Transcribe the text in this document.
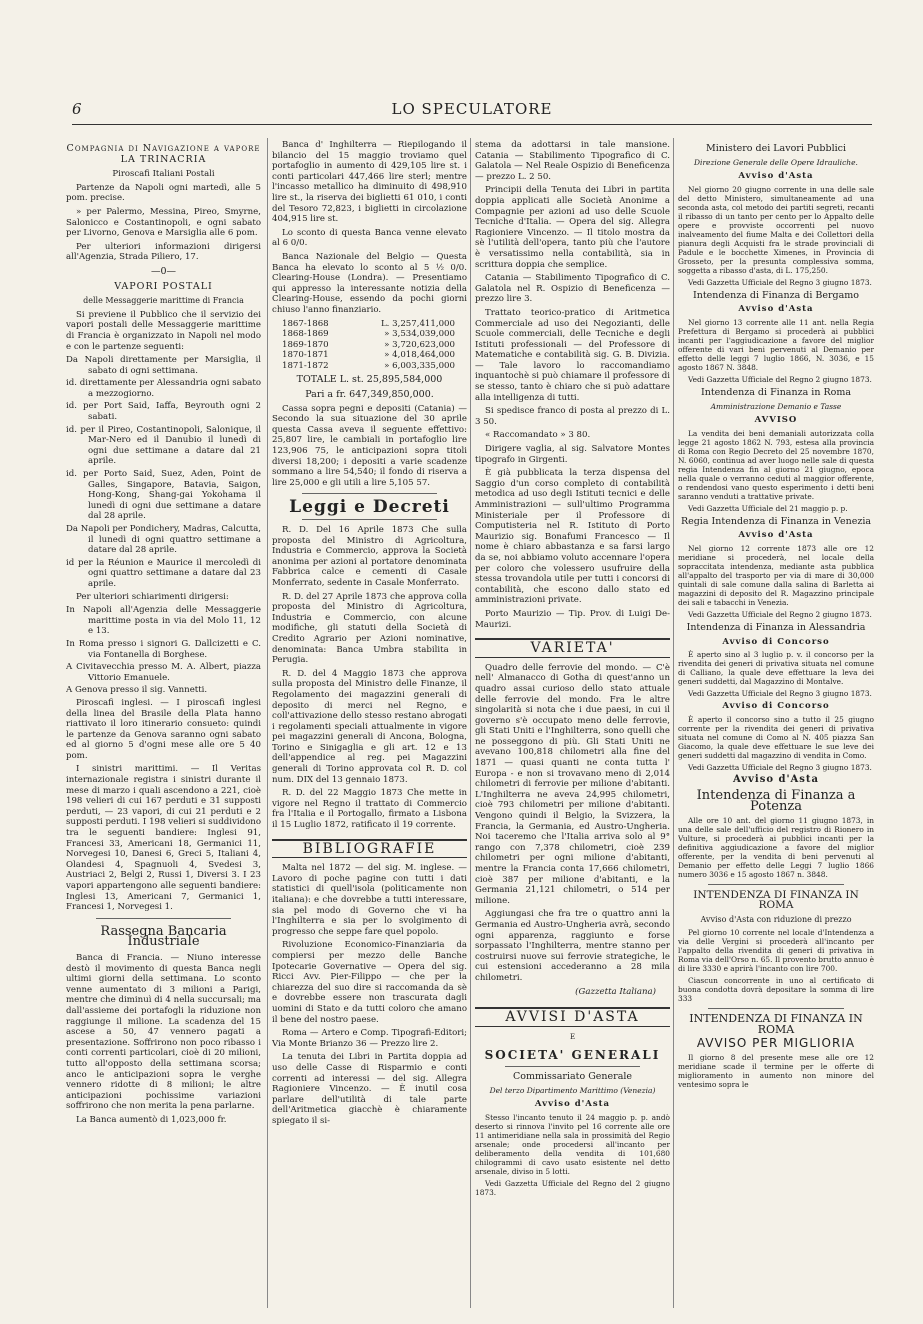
6	LO SPECULATORE
Compagnia di Navigazione a vapore LA TRINACRIA
Piroscafi Italiani Postali

Partenze da Napoli ogni martedì, alle 5 pom. precise.

» per Palermo, Messina, Pireo, Smyrne, Salonicco e Costantinopoli, e ogni sabato per Livorno, Genova e Marsiglia alle 6 pom.

Per ulteriori informazioni dirigersi all'Agenzia, Strada Piliero, 17.

—0—
VAPORI POSTALI
delle Messaggerie marittime di Francia

Si previene il Pubblico che il servizio dei vapori postali delle Messaggerie marittime di Francia è organizzato in Napoli nel modo e con le partenze seguenti:

Da Napoli direttamente per Marsiglia, il sabato di ogni settimana.
id. direttamente per Alessandria ogni sabato a mezzogiorno.
id. per Port Said, Iaffa, Beyrouth ogni 2 sabati.
id. per il Pireo, Costantinopoli, Salonique, il Mar-Nero ed il Danubio il lunedì di ogni due settimane a datare dal 21 aprile.
id. per Porto Said, Suez, Aden, Point de Galles, Singapore, Batavia, Saigon, Hong-Kong, Shang-gai Yokohama il lunedì di ogni due settimane a datare dal 28 aprile.
Da Napoli per Pondichery, Madras, Calcutta, il lunedì di ogni quattro settimane a datare dal 28 aprile.
id per la Réunion e Maurice il mercoledì di ogni quattro settimane a datare dal 23 aprile.

Per ulteriori schiarimenti dirigersi:

In Napoli all'Agenzia delle Messaggerie marittime posta in via del Molo 11, 12 e 13.
In Roma presso i signori G. Dallcizetti e C. via Fontanella di Borghese.
A Civitavecchia presso M. A. Albert, piazza Vittorio Emanuele.
A Genova presso il sig. Vannetti.

Piroscafi inglesi. — I piroscafi inglesi della linea del Brasile della Plata hanno riattivato il loro itinerario consueto: quindi le partenze da Genova saranno ogni sabato ed al giorno 5 d'ogni mese alle ore 5 40 pom.

I sinistri marittimi. — Il Veritas internazionale registra i sinistri durante il mese di marzo i quali ascendono a 221, cioè 198 velieri di cui 167 perduti e 31 supposti perduti, — 23 vapori, di cui 21 perduti e 2 supposti perduti. I 198 velieri si suddividono tra le seguenti bandiere: Inglesi 91, Francesi 33, Americani 18, Germanici 11, Norvegesi 10, Danesi 6, Greci 5, Italiani 4, Olandesi 4, Spagnuoli 4, Svedesi 3, Austriaci 2, Belgi 2, Russi 1, Diversi 3. I 23 vapori appartengono alle seguenti bandiere: Inglesi 13, Americani 7, Germanici 1, Francesi 1, Norvegesi 1.

Rassegna Bancaria Industriale

Banca di Francia. — Niuno interesse destò il movimento di questa Banca negli ultimi giorni della settimana. Lo sconto venne aumentato di 3 milioni a Parigi, mentre che diminuì di 4 nella succursali; ma dall'assieme dei portafogli la riduzione non raggiunge il milione. La scadenza del 15 ascese a 50, 47 vennero pagati a presentazione. Soffrirono non poco ribasso i conti correnti particolari, cioè di 20 milioni, tutto all'opposto della settimana scorsa; anco le anticipazioni sopra le verghe vennero ridotte di 8 milioni; le altre anticipazioni pochissime variazioni soffrirono che non merita la pena parlarne.

La Banca aumentò di 1,023,000 fr.

Banca d' Inghilterra — Riepilogando il bilancio del 15 maggio troviamo quel portafoglio in aumento di 429,105 lire st. i conti particolari 447,466 lire sterl; mentre l'incasso metallico ha diminuito di 498,910 lire st., la riserva dei biglietti 61 010, i conti del Tesoro 72,823, i biglietti in circolazione 404,915 lire st.

Lo sconto di questa Banca venne elevato al 6 0/0.

Banca Nazionale del Belgio — Questa Banca ha elevato lo sconto al 5 ½ 0/0. Clearing-House (Londra). — Presentiamo qui appresso la interessante notizia della Clearing-House, essendo da pochi giorni chiuso l'anno finanziario.

1867-1868	L. 3,257,411,000
1868-1869	» 3,534,039,000
1869-1870	» 3,720,623,000
1870-1871	» 4,018,464,000
1871-1872	» 6,003,335,000
TOTALE L. st. 25,895,584,000
Pari a fr. 647,349,850,000.

Cassa sopra pegni e depositi (Catania) — Secondo la sua situazione del 30 aprile questa Cassa aveva il seguente effettivo: 25,807 lire, le cambiali in portafoglio lire 123,906 75, le anticipazioni sopra titoli diversi 18,200; i depositi a varie scadenze sommano a lire 54,540; il fondo di riserva a lire 25,000 e gli utili a lire 5,105 57.

Leggi e Decreti

R. D. Del 16 Aprile 1873 Che sulla proposta del Ministro di Agricoltura, Industria e Commercio, approva la Società anonima per azioni al portatore denominata Fabbrica calce e cementi di Casale Monferrato, sedente in Casale Monferrato.

R. D. del 27 Aprile 1873 che approva colla proposta del Ministro di Agricoltura, Industria e Commercio, con alcune modifiche, gli statuti della Società di Credito Agrario per Azioni nominative, denominata: Banca Umbra stabilita in Perugia.

R. D. del 4 Maggio 1873 che approva sulla proposta del Ministro delle Finanze, il Regolamento dei magazzini generali di deposito di merci nel Regno, e coll'attivazione dello stesso restano abrogati i regolamenti speciali attualmente in vigore pei magazzini generali di Ancona, Bologna, Torino e Sinigaglia e gli art. 12 e 13 dell'appendice al reg. pei Magazzini generali di Torino approvata col R. D. col num. DIX del 13 gennaio 1873.

R. D. del 22 Maggio 1873 Che mette in vigore nel Regno il trattato di Commercio fra l'Italia e il Portogallo, firmato a Lisbona il 15 Luglio 1872, ratificato il 19 corrente.

BIBLIOGRAFIE

Malta nel 1872 — del sig. M. inglese. — Lavoro di poche pagine con tutti i dati statistici di quell'isola (politicamente non italiana): e che dovrebbe a tutti interessare, sia pel modo di Governo che vi ha l'Inghilterra e sia per lo svolgimento di progresso che seppe fare quel popolo.

Rivoluzione Economico-Finanziaria da compiersi per mezzo delle Banche Ipotecarie Governative — Opera del sig. Ricci Avv. Pier-Filippo — che per la chiarezza del suo dire si raccomanda da sè e dovrebbe essere non trascurata dagli uomini di Stato e da tutti coloro che amano il bene del nostro paese.

Roma — Artero e Comp. Tipografi-Editori; Via Monte Brianzo 36 — Prezzo lire 2.

La tenuta dei Libri in Partita doppia ad uso delle Casse di Risparmio e conti correnti ad interessi — del sig. Allegra Ragioniere Vincenzo. — È inutil cosa parlare dell'utilità di tale parte dell'Aritmetica giacchè è chiaramente spiegato il si-

stema da adottarsi in tale mansione. Catania — Stabilimento Tipografico di C. Galatola — Nel Reale Ospizio di Beneficenza — prezzo L. 2 50.

Principii della Tenuta dei Libri in partita doppia applicati alle Società Anonime a Compagnie per azioni ad uso delle Scuole Tecniche d'Italia. — Opera del sig. Allegra Ragioniere Vincenzo. — Il titolo mostra da sè l'utilità dell'opera, tanto più che l'autore è versatissimo nella contabilità, sia in scrittura doppia che semplice.

Catania — Stabilimento Tipografico di C. Galatola nel R. Ospizio di Beneficenza — prezzo lire 3.

Trattato teorico-pratico di Aritmetica Commerciale ad uso dei Negozianti, delle Scuole commerciali, delle Tecniche e degli Istituti professionali — del Professore di Matematiche e contabilità sig. G. B. Divizia. — Tale lavoro lo raccomandiamo inquantochè si può chiamare il professore di se stesso, tanto è chiaro che si può adattare alla intelligenza di tutti.

Si spedisce franco di posta al prezzo di L. 3 50.

« Raccomandato » 3 80.

Dirigere vaglia, al sig. Salvatore Montes tipografo in Girgenti.

È già pubblicata la terza dispensa del Saggio d'un corso completo di contabilità metodica ad uso degli Istituti tecnici e delle Amministrazioni — sull'ultimo Programma Ministeriale per il Professore di Computisteria nel R. Istituto di Porto Maurizio sig. Bonafumi Francesco — Il nome è chiaro abbastanza e sa farsi largo da se, noi abbiamo voluto accennare l'opera per coloro che volessero usufruire della stessa trovandola utile per tutti i concorsi di contabilità, che escono dallo stato ed amministrazioni private.

Porto Maurizio — Tip. Prov. di Luigi De-Maurizi.

VARIETA'

Quadro delle ferrovie del mondo. — C'è nell' Almanacco di Gotha di quest'anno un quadro assai curioso dello stato attuale delle ferrovie del mondo. Fra le altre singolarità si nota che i due paesi, in cui il governo s'è occupato meno delle ferrovie, gli Stati Uniti e l'Inghilterra, sono quelli che ne posseggono di più. Gli Stati Uniti ne avevano 100,818 chilometri alla fine del 1871 — quasi quanti ne conta tutta l' Europa - e non si trovavano meno di 2,014 chilometri di ferrovie per milione d'abitanti. L'Inghilterra ne aveva 24,995 chilometri, cioè 793 chilometri per milione d'abitanti. Vengono quindi il Belgio, la Svizzera, la Francia, la Germania, ed Austro-Ungheria. Noi taceremo che l'Italia arriva solo al 9° rango con 7,378 chilometri, cioè 239 chilometri per ogni milione d'abitanti, mentre la Francia conta 17,666 chilometri, cioè 387 per milione d'abitanti, e la Germania 21,121 chilometri, o 514 per milione.

Aggiungasi che fra tre o quattro anni la Germania ed Austro-Ungheria avrà, secondo ogni apparenza, raggiunto e forse sorpassato l'Inghilterra, mentre stanno per costruirsi nuove sui ferrovie strategiche, le cui estensioni accederanno a 28 mila chilometri.

(Gazzetta Italiana)
AVVISI D'ASTA
E
SOCIETA' GENERALI
Commissariato Generale
Del terzo Dipartimento Marittimo (Venezia)
Avviso d'Asta

Stesso l'incanto tenuto il 24 maggio p. p. andò deserto si rinnova l'invito pel 16 corrente alle ore 11 antimeridiane nella sala in prossimità del Regio arsenale; onde procedersi all'incanto per deliberamento della vendita di 101,680 chilogrammi di cavo usato esistente nel detto arsenale, diviso in 5 lotti.

Vedi Gazzetta Ufficiale del Regno del 2 giugno 1873.

Ministero dei Lavori Pubblici
Direzione Generale delle Opere Idrauliche.
Avviso d'Asta

Nel giorno 20 giugno corrente in una delle sale del detto Ministero, simultaneamente ad una seconda asta, col metodo dei partiti segreti, recanti il ribasso di un tanto per cento per lo Appalto delle opere e provviste occorrenti pel nuovo inalveamento del fiume Malta e dei Collettori della pianura degli Acquisti fra le strade provinciali di Padule e le bocchette Ximenes, in Provincia di Grosseto, per la presunta complessiva somma, soggetta a ribasso d'asta, di L. 175,250.

Vedi Gazzetta Ufficiale del Regno 3 giugno 1873.

Intendenza di Finanza di Bergamo
Avviso d'Asta

Nel giorno 13 corrente alle 11 ant. nella Regia Prefettura di Bergamo si procederà ai pubblici incanti per l'aggiudicazione a favore del miglior offerente di vari beni pervenuti al Demanio per effetto delle leggi 7 luglio 1866, N. 3036, e 15 agosto 1867 N. 3848.

Vedi Gazzetta Ufficiale del Regno 2 giugno 1873.

Intendenza di Finanza in Roma
Amministrazione Demanio e Tasse
AVVISO

La vendita dei beni demaniali autorizzata colla legge 21 agosto 1862 N. 793, estesa alla provincia di Roma con Regio Decreto del 25 novembre 1870, N. 6060, continua ad aver luogo nelle sale di questa regia Intendenza fin al giorno 21 giugno, epoca nella quale o verranno ceduti al maggior offerente, o rendendosi vano questo esperimento i detti beni saranno venduti a trattative private.

Vedi Gazzetta Ufficiale del 21 maggio p. p.

Regia Intendenza di Finanza in Venezia
Avviso d'Asta

Nel giorno 12 corrente 1873 alle ore 12 meridiane si procederà, nel locale della sopraccitata intendenza, mediante asta pubblica all'appalto del trasporto per via di mare di 30,000 quintali di sale comune dalla salina di Barletta ai magazzini di deposito del R. Magazzino principale dei sali e tabacchi in Venezia.

Vedi Gazzetta Ufficiale del Regno 2 giugno 1873.

Intendenza di Finanza in Alessandria
Avviso di Concorso

È aperto sino al 3 luglio p. v. il concorso per la rivendita dei generi di privativa situata nel comune di Calliano, la quale deve effettuare la leva dei generi suddetti, dal Magazzino di Montalve.

Vedi Gazzetta Ufficiale del Regno 3 giugno 1873.

Avviso di Concorso

È aperto il concorso sino a tutto il 25 giugno corrente per la rivendita dei generi di privativa situata nel comune di Como al N. 405 piazza San Giacomo, la quale deve effettuare le sue leve dei generi suddetti dal magazzino di vendita in Como.

Vedi Gazzetta Ufficiale del Regno 3 giugno 1873.

Avviso d'Asta
Intendenza di Finanza a Potenza

Alle ore 10 ant. del giorno 11 giugno 1873, in una delle sale dell'ufficio del registro di Rionero in Vulture, si procederà ai pubblici incanti per la definitiva aggiudicazione a favore del miglior offerente, per la vendita di beni pervenuti al Demanio per effetto delle Leggi 7 luglio 1866 numero 3036 e 15 agosto 1867 n. 3848.

INTENDENZA DI FINANZA IN ROMA
Avviso d'Asta con riduzione di prezzo

Pel giorno 10 corrente nel locale d'Intendenza a via delle Vergini si procederà all'incanto per l'appalto della rivendita di generi di privativa in Roma via dell'Orso n. 65. Il provento brutto annuo è di lire 3330 e aprirà l'incanto con lire 700.

Ciascun concorrente in uno al certificato di buona condotta dovrà depositare la somma di lire 333

INTENDENZA DI FINANZA IN ROMA
AVVISO PER MIGLIORIA

Il giorno 8 del presente mese alle ore 12 meridiane scade il termine per le offerte di miglioramento in aumento non minore del ventesimo sopra le
